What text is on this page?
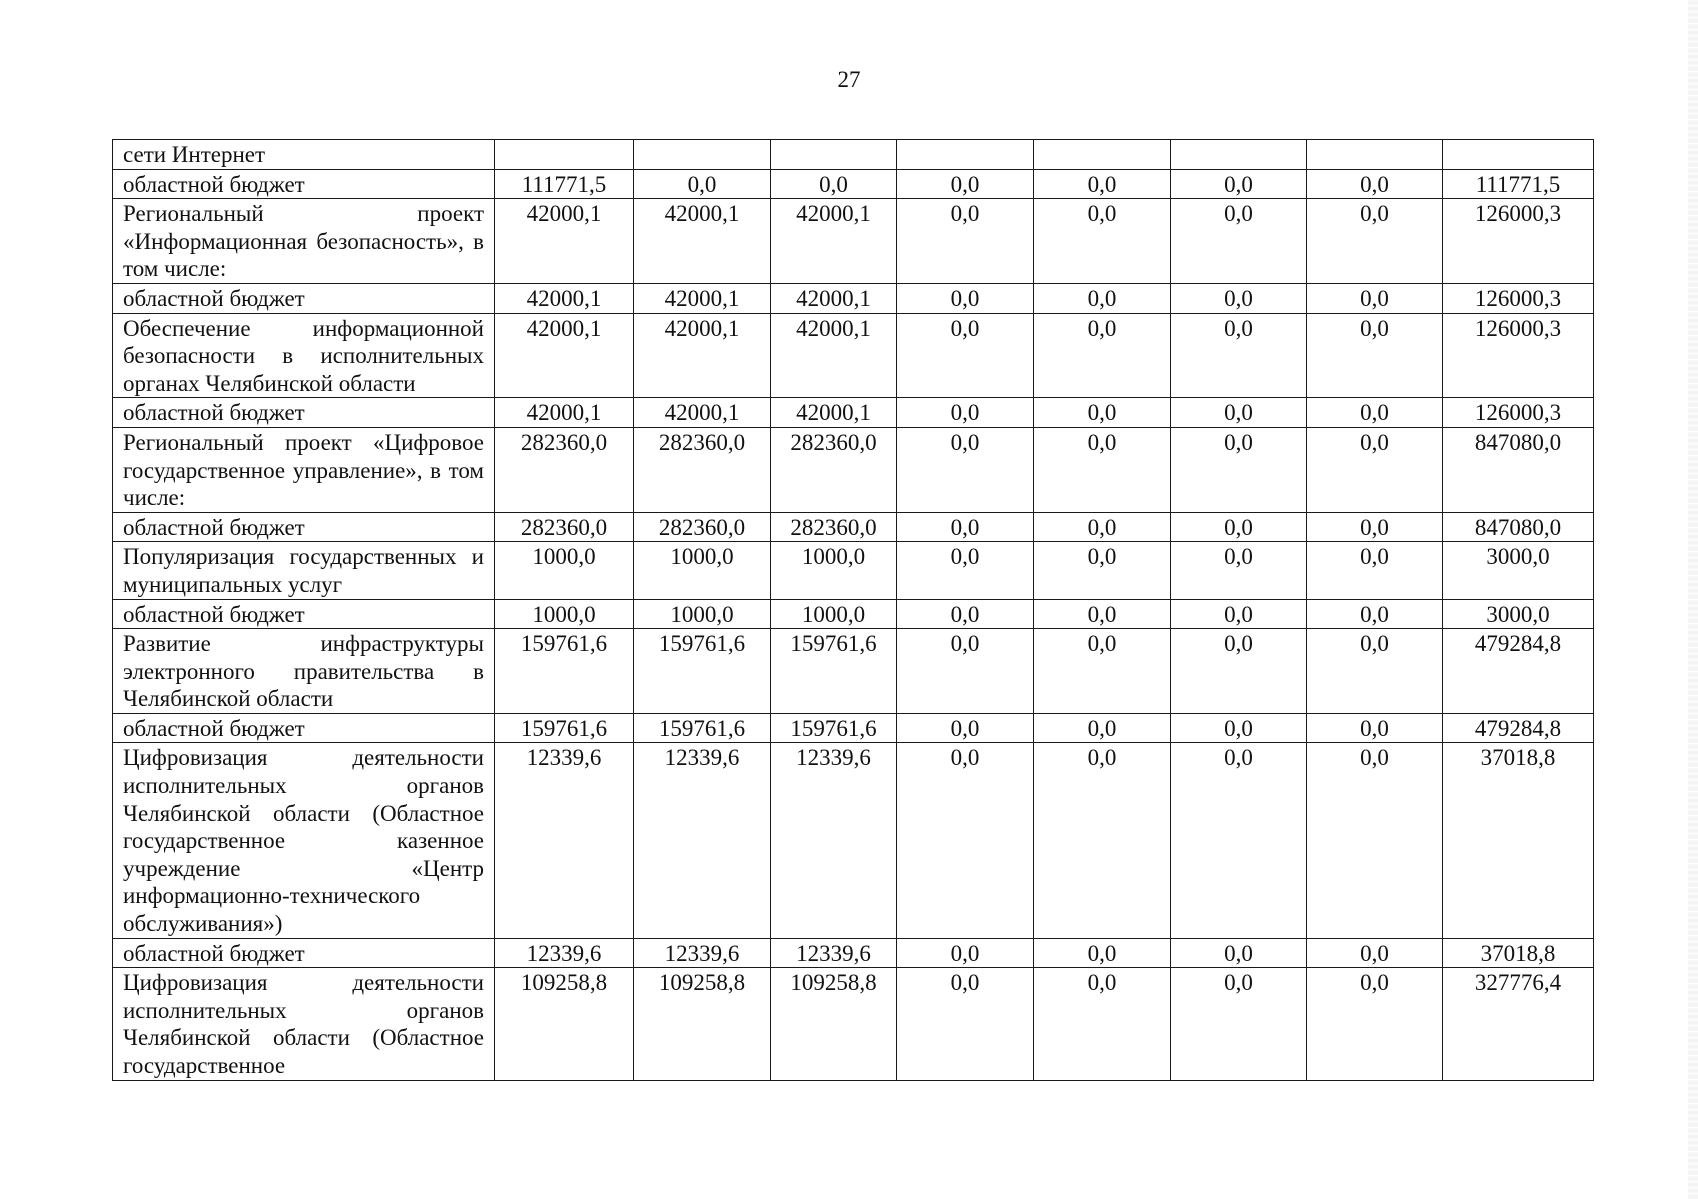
27
сети Интернет								
областной бюджет	111771,5	0,0	0,0	0,0	0,0	0,0	0,0	111771,5
Региональный проект «Информационная безопасность», в том числе:	42000,1	42000,1	42000,1	0,0	0,0	0,0	0,0	126000,3
областной бюджет	42000,1	42000,1	42000,1	0,0	0,0	0,0	0,0	126000,3
Обеспечение информационной безопасности в исполнительных органах Челябинской области	42000,1	42000,1	42000,1	0,0	0,0	0,0	0,0	126000,3
областной бюджет	42000,1	42000,1	42000,1	0,0	0,0	0,0	0,0	126000,3
Региональный проект «Цифровое государственное управление», в том числе:	282360,0	282360,0	282360,0	0,0	0,0	0,0	0,0	847080,0
областной бюджет	282360,0	282360,0	282360,0	0,0	0,0	0,0	0,0	847080,0
Популяризация государственных и муниципальных услуг	1000,0	1000,0	1000,0	0,0	0,0	0,0	0,0	3000,0
областной бюджет	1000,0	1000,0	1000,0	0,0	0,0	0,0	0,0	3000,0
Развитие инфраструктуры электронного правительства в Челябинской области	159761,6	159761,6	159761,6	0,0	0,0	0,0	0,0	479284,8
областной бюджет	159761,6	159761,6	159761,6	0,0	0,0	0,0	0,0	479284,8
Цифровизация деятельности исполнительных органов Челябинской области (Областное государственное казенное учреждение «Центр информационно-технического обслуживания»)	12339,6	12339,6	12339,6	0,0	0,0	0,0	0,0	37018,8
областной бюджет	12339,6	12339,6	12339,6	0,0	0,0	0,0	0,0	37018,8
Цифровизация деятельности исполнительных органов Челябинской области (Областное государственное	109258,8	109258,8	109258,8	0,0	0,0	0,0	0,0	327776,4
